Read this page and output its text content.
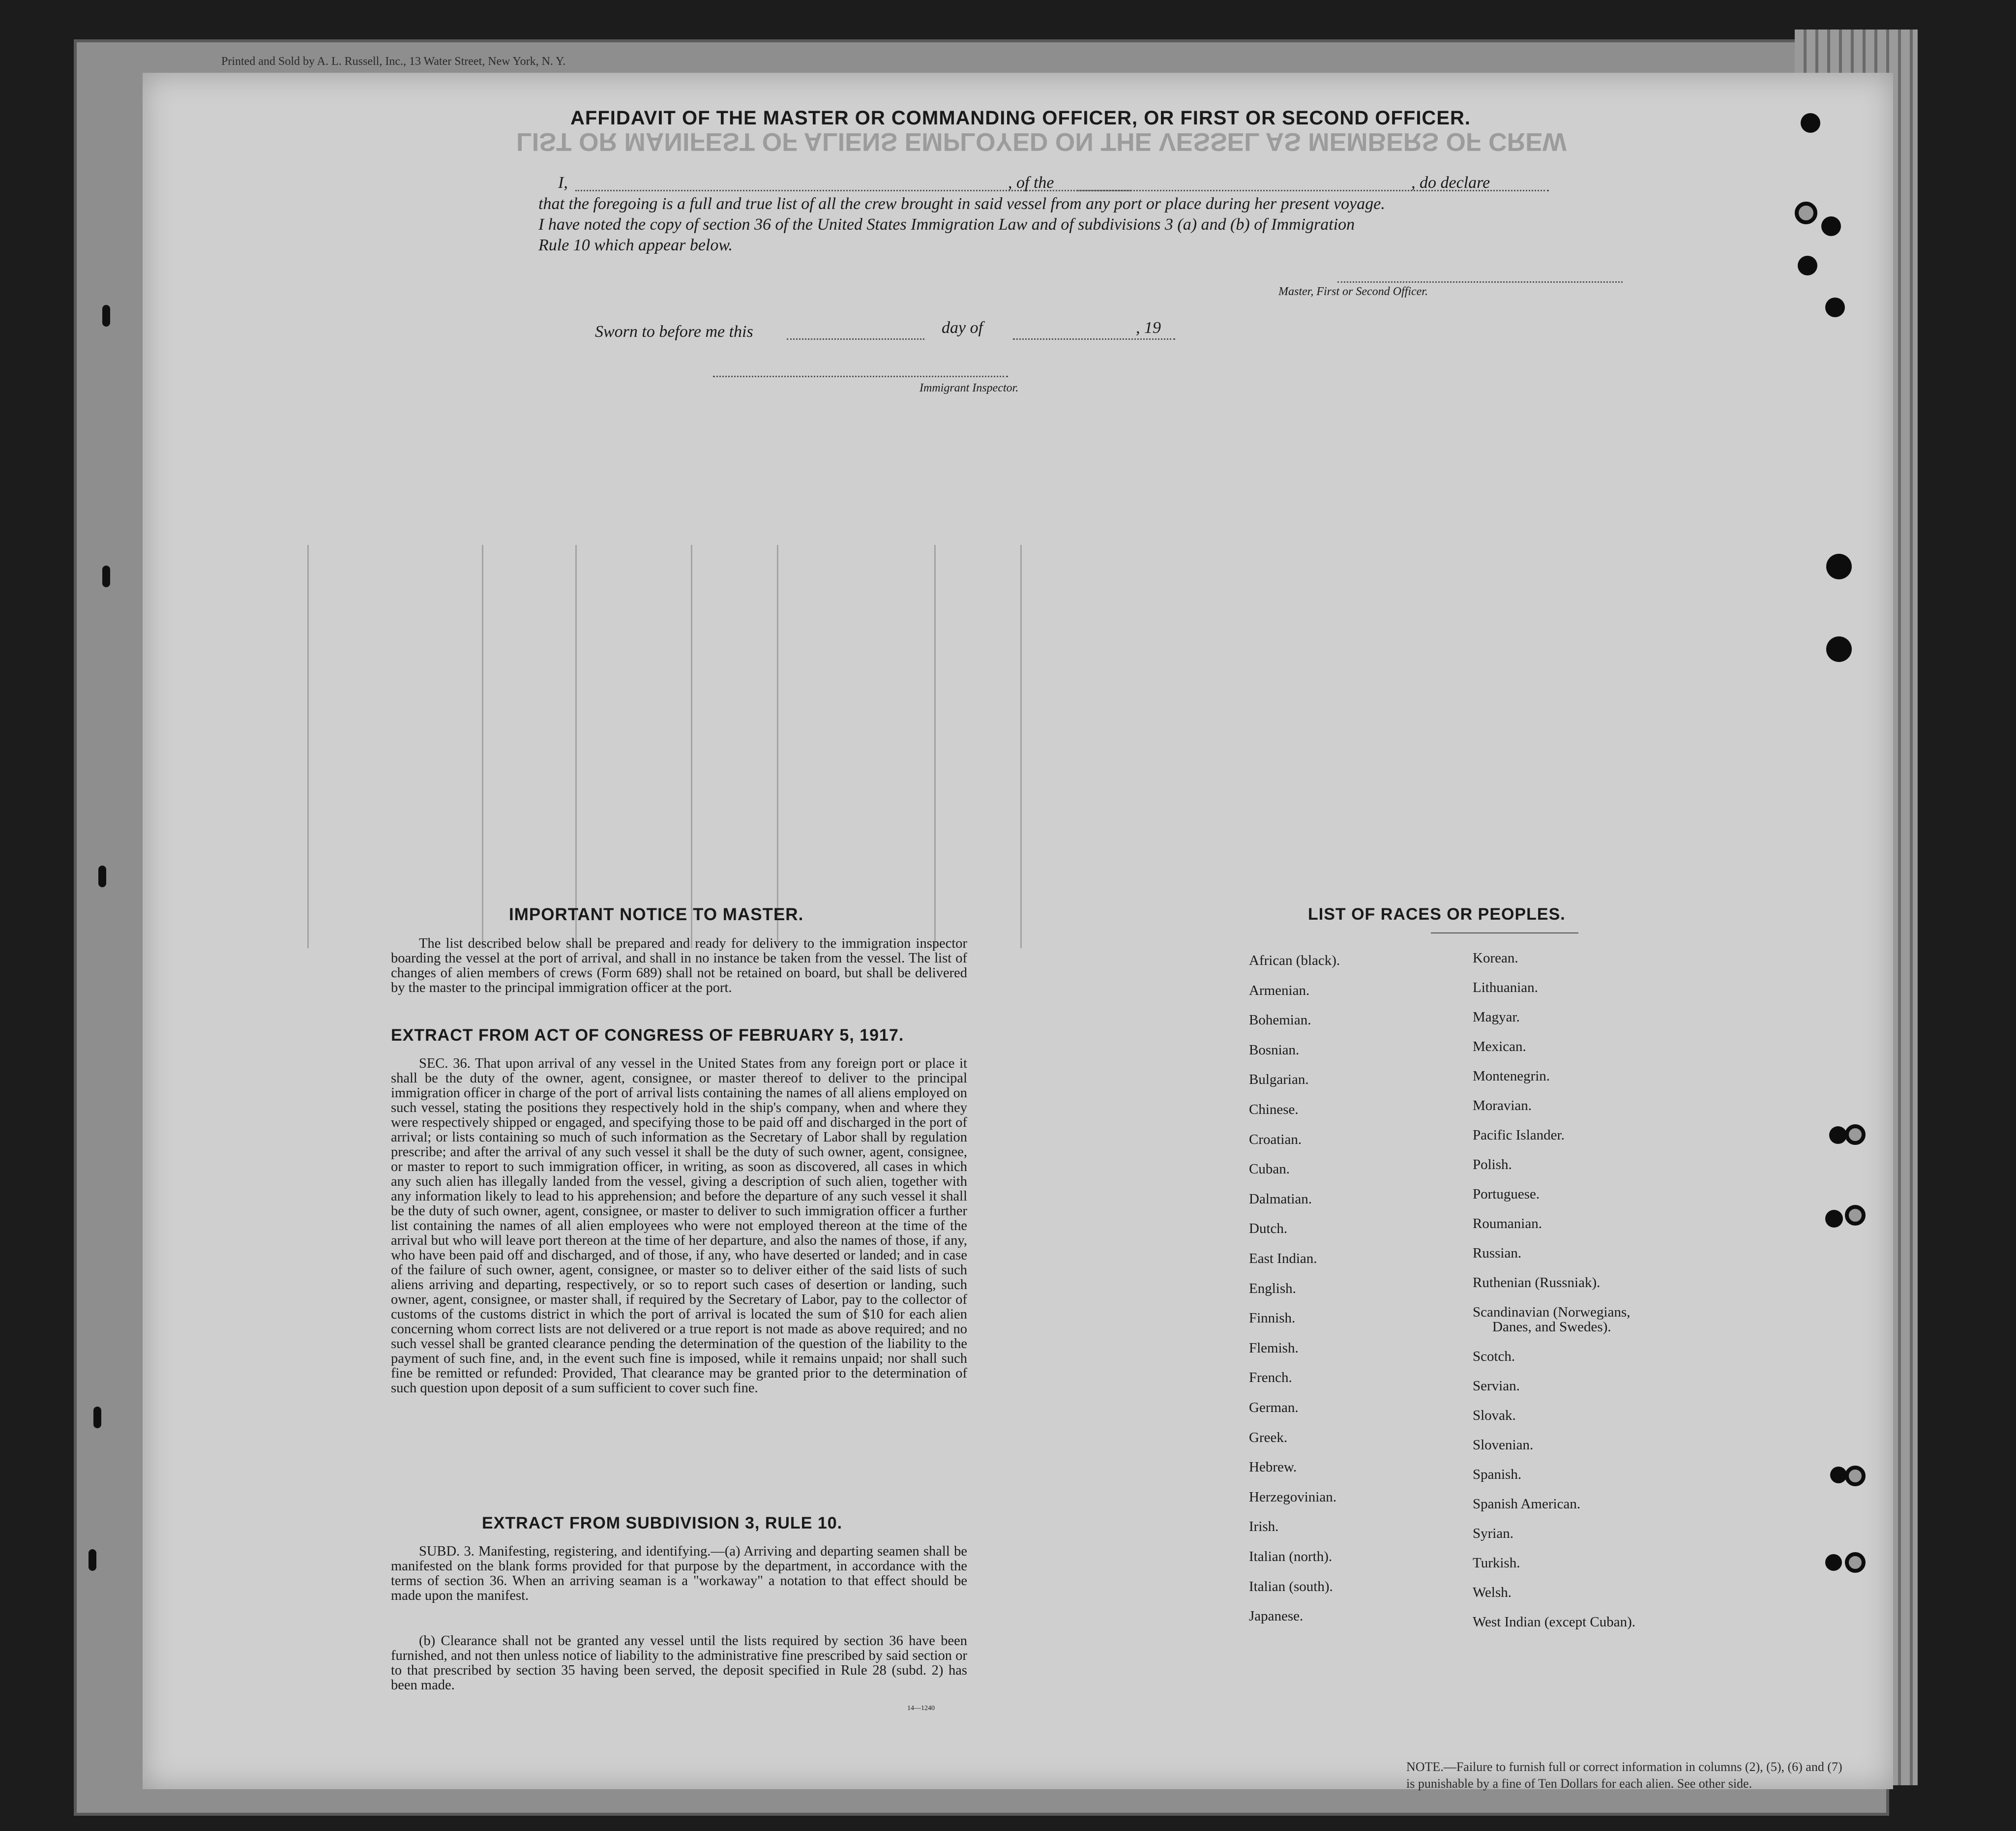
Printed and Sold by A. L. Russell, Inc., 13 Water Street, New York, N. Y.
LIST OR MANIFEST OF ALIENS EMPLOYED ON THE VESSEL AS MEMBERS OF CREW
AFFIDAVIT OF THE MASTER OR COMMANDING OFFICER, OR FIRST OR SECOND OFFICER.
I,	, of the	, do declare
that the foregoing is a full and true list of all the crew brought in said vessel from any port or place during her present voyage.
I have noted the copy of section 36 of the United States Immigration Law and of subdivisions 3 (a) and (b) of Immigration
Rule 10 which appear below.
Master, First or Second Officer.
Sworn to before me this	day of	, 19
Immigrant Inspector.
IMPORTANT NOTICE TO MASTER.
The list described below shall be prepared and ready for delivery to the immigration inspector boarding the vessel at the port of arrival, and shall in no instance be taken from the vessel. The list of changes of alien members of crews (Form 689) shall not be retained on board, but shall be delivered by the master to the principal immigration officer at the port.
EXTRACT FROM ACT OF CONGRESS OF FEBRUARY 5, 1917.
SEC. 36. That upon arrival of any vessel in the United States from any foreign port or place it shall be the duty of the owner, agent, consignee, or master thereof to deliver to the principal immigration officer in charge of the port of arrival lists containing the names of all aliens employed on such vessel, stating the positions they respectively hold in the ship's company, when and where they were respectively shipped or engaged, and specifying those to be paid off and discharged in the port of arrival; or lists containing so much of such information as the Secretary of Labor shall by regulation prescribe; and after the arrival of any such vessel it shall be the duty of such owner, agent, consignee, or master to report to such immigration officer, in writing, as soon as discovered, all cases in which any such alien has illegally landed from the vessel, giving a description of such alien, together with any information likely to lead to his apprehension; and before the departure of any such vessel it shall be the duty of such owner, agent, consignee, or master to deliver to such immigration officer a further list containing the names of all alien employees who were not employed thereon at the time of the arrival but who will leave port thereon at the time of her departure, and also the names of those, if any, who have been paid off and discharged, and of those, if any, who have deserted or landed; and in case of the failure of such owner, agent, consignee, or master so to deliver either of the said lists of such aliens arriving and departing, respectively, or so to report such cases of desertion or landing, such owner, agent, consignee, or master shall, if required by the Secretary of Labor, pay to the collector of customs of the customs district in which the port of arrival is located the sum of $10 for each alien concerning whom correct lists are not delivered or a true report is not made as above required; and no such vessel shall be granted clearance pending the determination of the question of the liability to the payment of such fine, and, in the event such fine is imposed, while it remains unpaid; nor shall such fine be remitted or refunded: Provided, That clearance may be granted prior to the determination of such question upon deposit of a sum sufficient to cover such fine.
EXTRACT FROM SUBDIVISION 3, RULE 10.
SUBD. 3. Manifesting, registering, and identifying.—(a) Arriving and departing seamen shall be manifested on the blank forms provided for that purpose by the department, in accordance with the terms of section 36. When an arriving seaman is a "workaway" a notation to that effect should be made upon the manifest.
(b) Clearance shall not be granted any vessel until the lists required by section 36 have been furnished, and not then unless notice of liability to the administrative fine prescribed by said section or to that prescribed by section 35 having been served, the deposit specified in Rule 28 (subd. 2) has been made.
14—1240
LIST OF RACES OR PEOPLES.
African (black).
Armenian.
Bohemian.
Bosnian.
Bulgarian.
Chinese.
Croatian.
Cuban.
Dalmatian.
Dutch.
East Indian.
English.
Finnish.
Flemish.
French.
German.
Greek.
Hebrew.
Herzegovinian.
Irish.
Italian (north).
Italian (south).
Japanese.
Korean.
Lithuanian.
Magyar.
Mexican.
Montenegrin.
Moravian.
Pacific Islander.
Polish.
Portuguese.
Roumanian.
Russian.
Ruthenian (Russniak).
Scandinavian (Norwegians,
Danes, and Swedes).
Scotch.
Servian.
Slovak.
Slovenian.
Spanish.
Spanish American.
Syrian.
Turkish.
Welsh.
West Indian (except Cuban).
NOTE.—Failure to furnish full or correct information in columns (2), (5), (6) and (7)
is punishable by a fine of Ten Dollars for each alien. See other side.
